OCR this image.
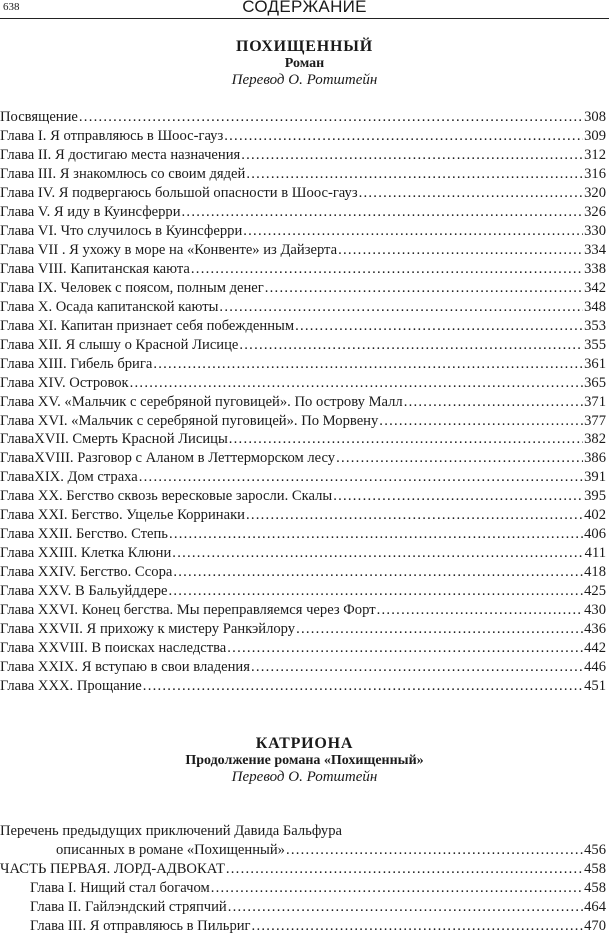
638	СОДЕРЖАНИЕ
ПОХИЩЕННЫЙ
Роман
Перевод О. Ротштейн
Посвящение . . .	308
Глава I. Я отправляюсь в Шоос-гауз . . .	309
Глава II. Я достигаю места назначения . . .	312
Глава III. Я знакомлюсь со своим дядей . . .	316
Глава IV. Я подвергаюсь большой опасности в Шоос-гауз . . .	320
Глава V. Я иду в Куинсферри . . .	326
Глава VI. Что случилось в Куинсферри . . .	330
Глава VII . Я ухожу в море на «Конвенте» из Дайзерта . . .	334
Глава VIII. Капитанская каюта . . .	338
Глава IX. Человек с поясом, полным денег . . .	342
Глава X. Осада капитанской каюты . . .	348
Глава XI. Капитан признает себя побежденным . . .	353
Глава XII. Я слышу о Красной Лисице . . .	355
Глава XIII. Гибель брига . . .	361
Глава XIV. Островок . . .	365
Глава XV. «Мальчик с серебряной пуговицей». По острову Малл . . .	371
Глава XVI. «Мальчик с серебряной пуговицей». По Морвену . . .	377
ГлаваXVII. Смерть Красной Лисицы . . .	382
ГлаваXVIII. Разговор с Аланом в Леттерморском лесу . . .	386
ГлаваXIX. Дом страха . . .	391
Глава XX. Бегство сквозь вересковые заросли. Скалы . . .	395
Глава XXI. Бегство. Ущелье Корринаки . . .	402
Глава XXII. Бегство. Степь . . .	406
Глава XXIII. Клетка Клюни . . .	411
Глава XXIV. Бегство. Ссора . . .	418
Глава XXV. В Бальуйддере . . .	425
Глава XXVI. Конец бегства. Мы переправляемся через Форт . . .	430
Глава XXVII. Я прихожу к мистеру Ранкэйлору . . .	436
Глава XXVIII. В поисках наследства . . .	442
Глава XXIX. Я вступаю в свои владения . . .	446
Глава XXX. Прощание . . .	451
КАТРИОНА
Продолжение романа «Похищенный»
Перевод О. Ротштейн
Перечень предыдущих приключений Давида Бальфура
описанных в романе «Похищенный» . . .	456
ЧАСТЬ ПЕРВАЯ. ЛОРД-АДВОКАТ . . .	458
Глава I. Нищий стал богачом . . .	458
Глава II. Гайлэндский стряпчий . . .	464
Глава III. Я отправляюсь в Пильриг . . .	470
